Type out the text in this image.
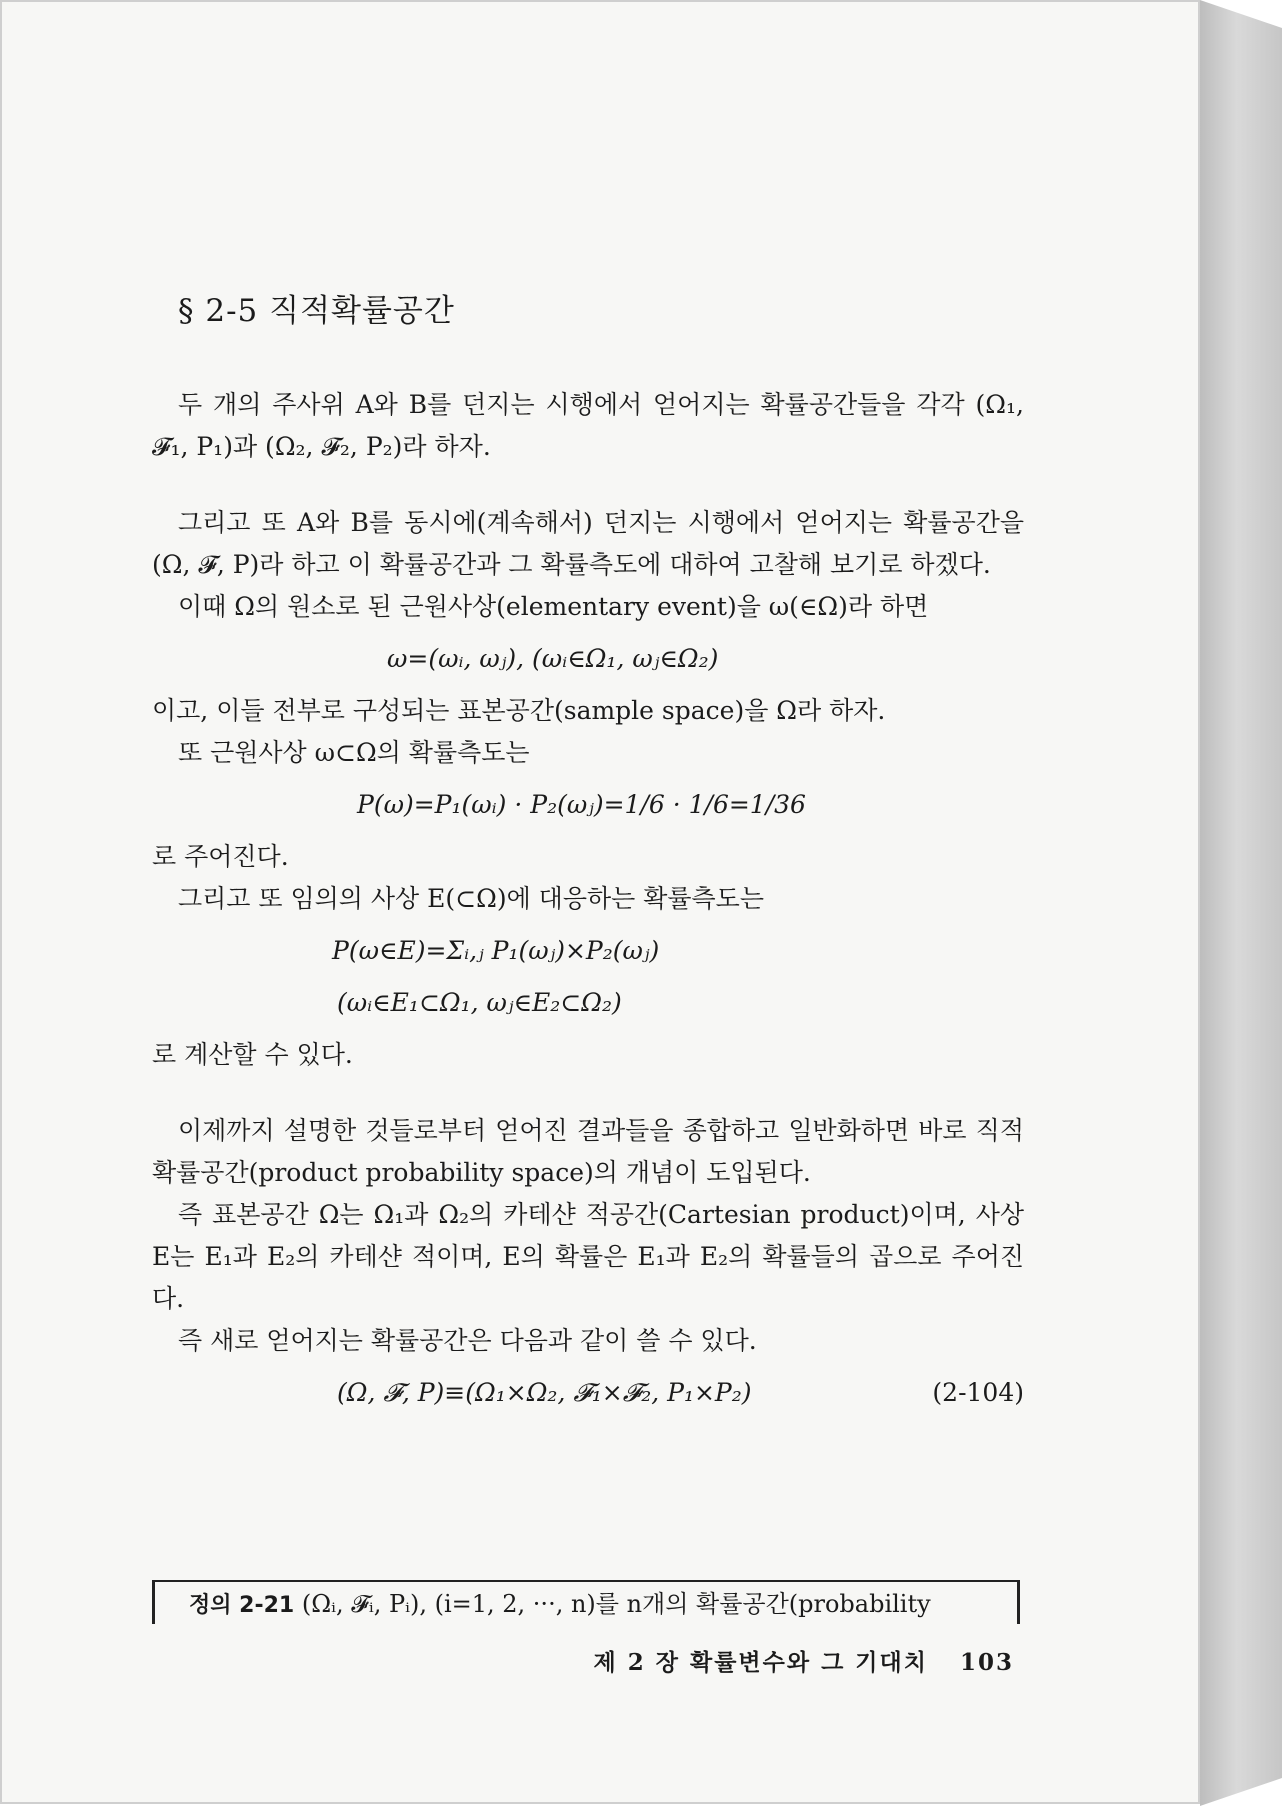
§ 2-5 직적확률공간

두 개의 주사위 A와 B를 던지는 시행에서 얻어지는 확률공간들을 각각 (Ω₁, 𝓕₁, P₁)과 (Ω₂, 𝓕₂, P₂)라 하자.

그리고 또 A와 B를 동시에(계속해서) 던지는 시행에서 얻어지는 확률공간을 (Ω, 𝓕, P)라 하고 이 확률공간과 그 확률측도에 대하여 고찰해 보기로 하겠다.

이때 Ω의 원소로 된 근원사상(elementary event)을 ω(∈Ω)라 하면

ω=(ωᵢ, ωⱼ), (ωᵢ∈Ω₁, ωⱼ∈Ω₂)

이고, 이들 전부로 구성되는 표본공간(sample space)을 Ω라 하자.

또 근원사상 ω⊂Ω의 확률측도는

P(ω)=P₁(ωᵢ) · P₂(ωⱼ)=1/6 · 1/6=1/36

로 주어진다.

그리고 또 임의의 사상 E(⊂Ω)에 대응하는 확률측도는

P(ω∈E)=Σᵢ,ⱼ P₁(ωⱼ)×P₂(ωⱼ)
(ωᵢ∈E₁⊂Ω₁, ωⱼ∈E₂⊂Ω₂)

로 계산할 수 있다.

이제까지 설명한 것들로부터 얻어진 결과들을 종합하고 일반화하면 바로 직적확률공간(product probability space)의 개념이 도입된다.

즉 표본공간 Ω는 Ω₁과 Ω₂의 카테샨 적공간(Cartesian product)이며, 사상 E는 E₁과 E₂의 카테샨 적이며, E의 확률은 E₁과 E₂의 확률들의 곱으로 주어진다.

즉 새로 얻어지는 확률공간은 다음과 같이 쓸 수 있다.

(Ω, 𝓕, P)≡(Ω₁×Ω₂, 𝓕₁×𝓕₂, P₁×P₂)	(2-104)
정의 2-21 (Ωᵢ, 𝓕ᵢ, Pᵢ), (i=1, 2, ···, n)를 n개의 확률공간(probability
제 2 장 확률변수와 그 기대치 103
